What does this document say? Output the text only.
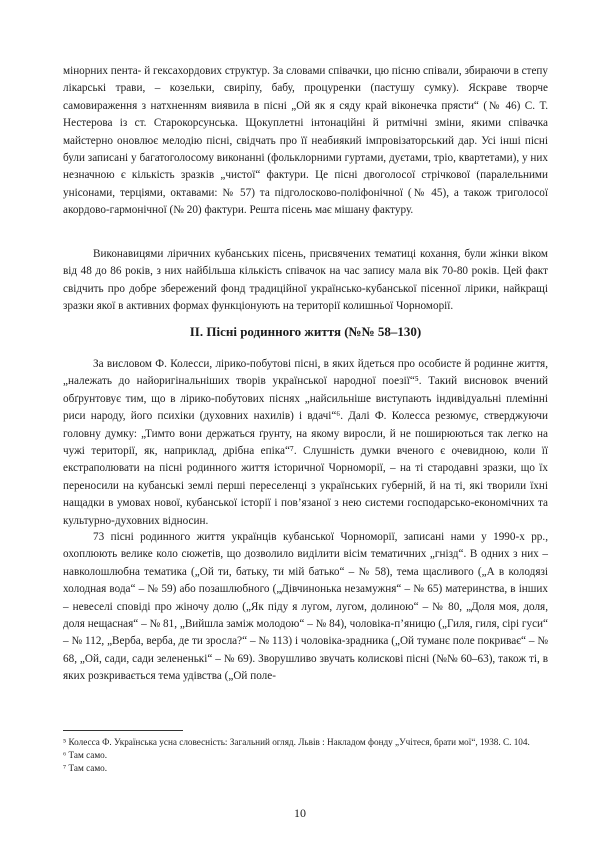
мінорних пента- й гексахордових структур. За словами співачки, цю пісню співали, збираючи в степу лікарські трави, – козельки, свиріпу, бабу, процуренки (пастушу сумку). Яскраве творче самовираження з натхненням виявила в пісні „Ой як я сяду край віконечка прясти“ (№ 46) С. Т. Нестерова із ст. Старокорсунська. Щокуплетні інтонаційні й ритмічні зміни, якими співачка майстерно оновлює мелодію пісні, свідчать про її неабиякий імпровізаторський дар. Усі інші пісні були записані у багатоголосому виконанні (фольклорними гуртами, дуєтами, тріо, квартетами), у них незначною є кількість зразків „чистої“ фактури. Це пісні двоголосої стрічкової (паралельними унісонами, терціями, октавами: № 57) та підголосково-поліфонічної (№ 45), а також триголосої акордово-гармонічної (№ 20) фактури. Решта пісень має мішану фактуру.

Виконавицями ліричних кубанських пісень, присвячених тематиці кохання, були жінки віком від 48 до 86 років, з них найбільша кількість співачок на час запису мала вік 70-80 років. Цей факт свідчить про добре збережений фонд традиційної українсько-кубанської пісенної лірики, найкращі зразки якої в активних формах функціонують на території колишньої Чорноморії.

II. Пісні родинного життя (№№ 58–130)

За висловом Ф. Колесси, лірико-побутові пісні, в яких йдеться про особисте й родинне життя, „належать до найоригінальніших творів української народної поезії“⁵. Такий висновок вчений обґрунтовує тим, що в лірико-побутових піснях „найсильніше виступають індивідуальні племінні риси народу, його психіки (духовних нахилів) і вдачі“⁶. Далі Ф. Колесса резюмує, стверджуючи головну думку: „Тимто вони держаться ґрунту, на якому виросли, й не поширюються так легко на чужі території, як, наприклад, дрібна епіка“⁷. Слушність думки вченого є очевидною, коли її екстраполювати на пісні родинного життя історичної Чорноморії, – на ті стародавні зразки, що їх переносили на кубанські землі перші переселенці з українських губерній, й на ті, які творили їхні нащадки в умовах нової, кубанської історії і пов’язаної з нею системи господарсько-економічних та культурно-духовних відносин.

73 пісні родинного життя українців кубанської Чорноморії, записані нами у 1990-х рр., охоплюють велике коло сюжетів, що дозволило виділити вісім тематичних „гнізд“. В одних з них – навколошлюбна тематика („Ой ти, батьку, ти мій батько“ – № 58), тема щасливого („А в колодязі холодная вода“ – № 59) або позашлюбного („Дівчинонька незамужня“ – № 65) материнства, в інших – невеселі сповіді про жіночу долю („Як піду я лугом, лугом, долиною“ – № 80, „Доля моя, доля, доля нещасная“ – № 81, „Вийшла заміж молодою“ – № 84), чоловіка-п’яницю („Гиля, гиля, сірі гуси“ – № 112, „Верба, верба, де ти зросла?“ – № 113) і чоловіка-зрадника („Ой туманє поле покриває“ – № 68, „Ой, сади, сади зелененькі“ – № 69). Зворушливо звучать колискові пісні (№№ 60–63), також ті, в яких розкривається тема удівства („Ой поле-

⁵ Колесса Ф. Українська усна словесність: Загальний огляд. Львів : Накладом фонду „Учітеся, брати мої“, 1938. С. 104.

⁶ Там само.

⁷ Там само.

10
